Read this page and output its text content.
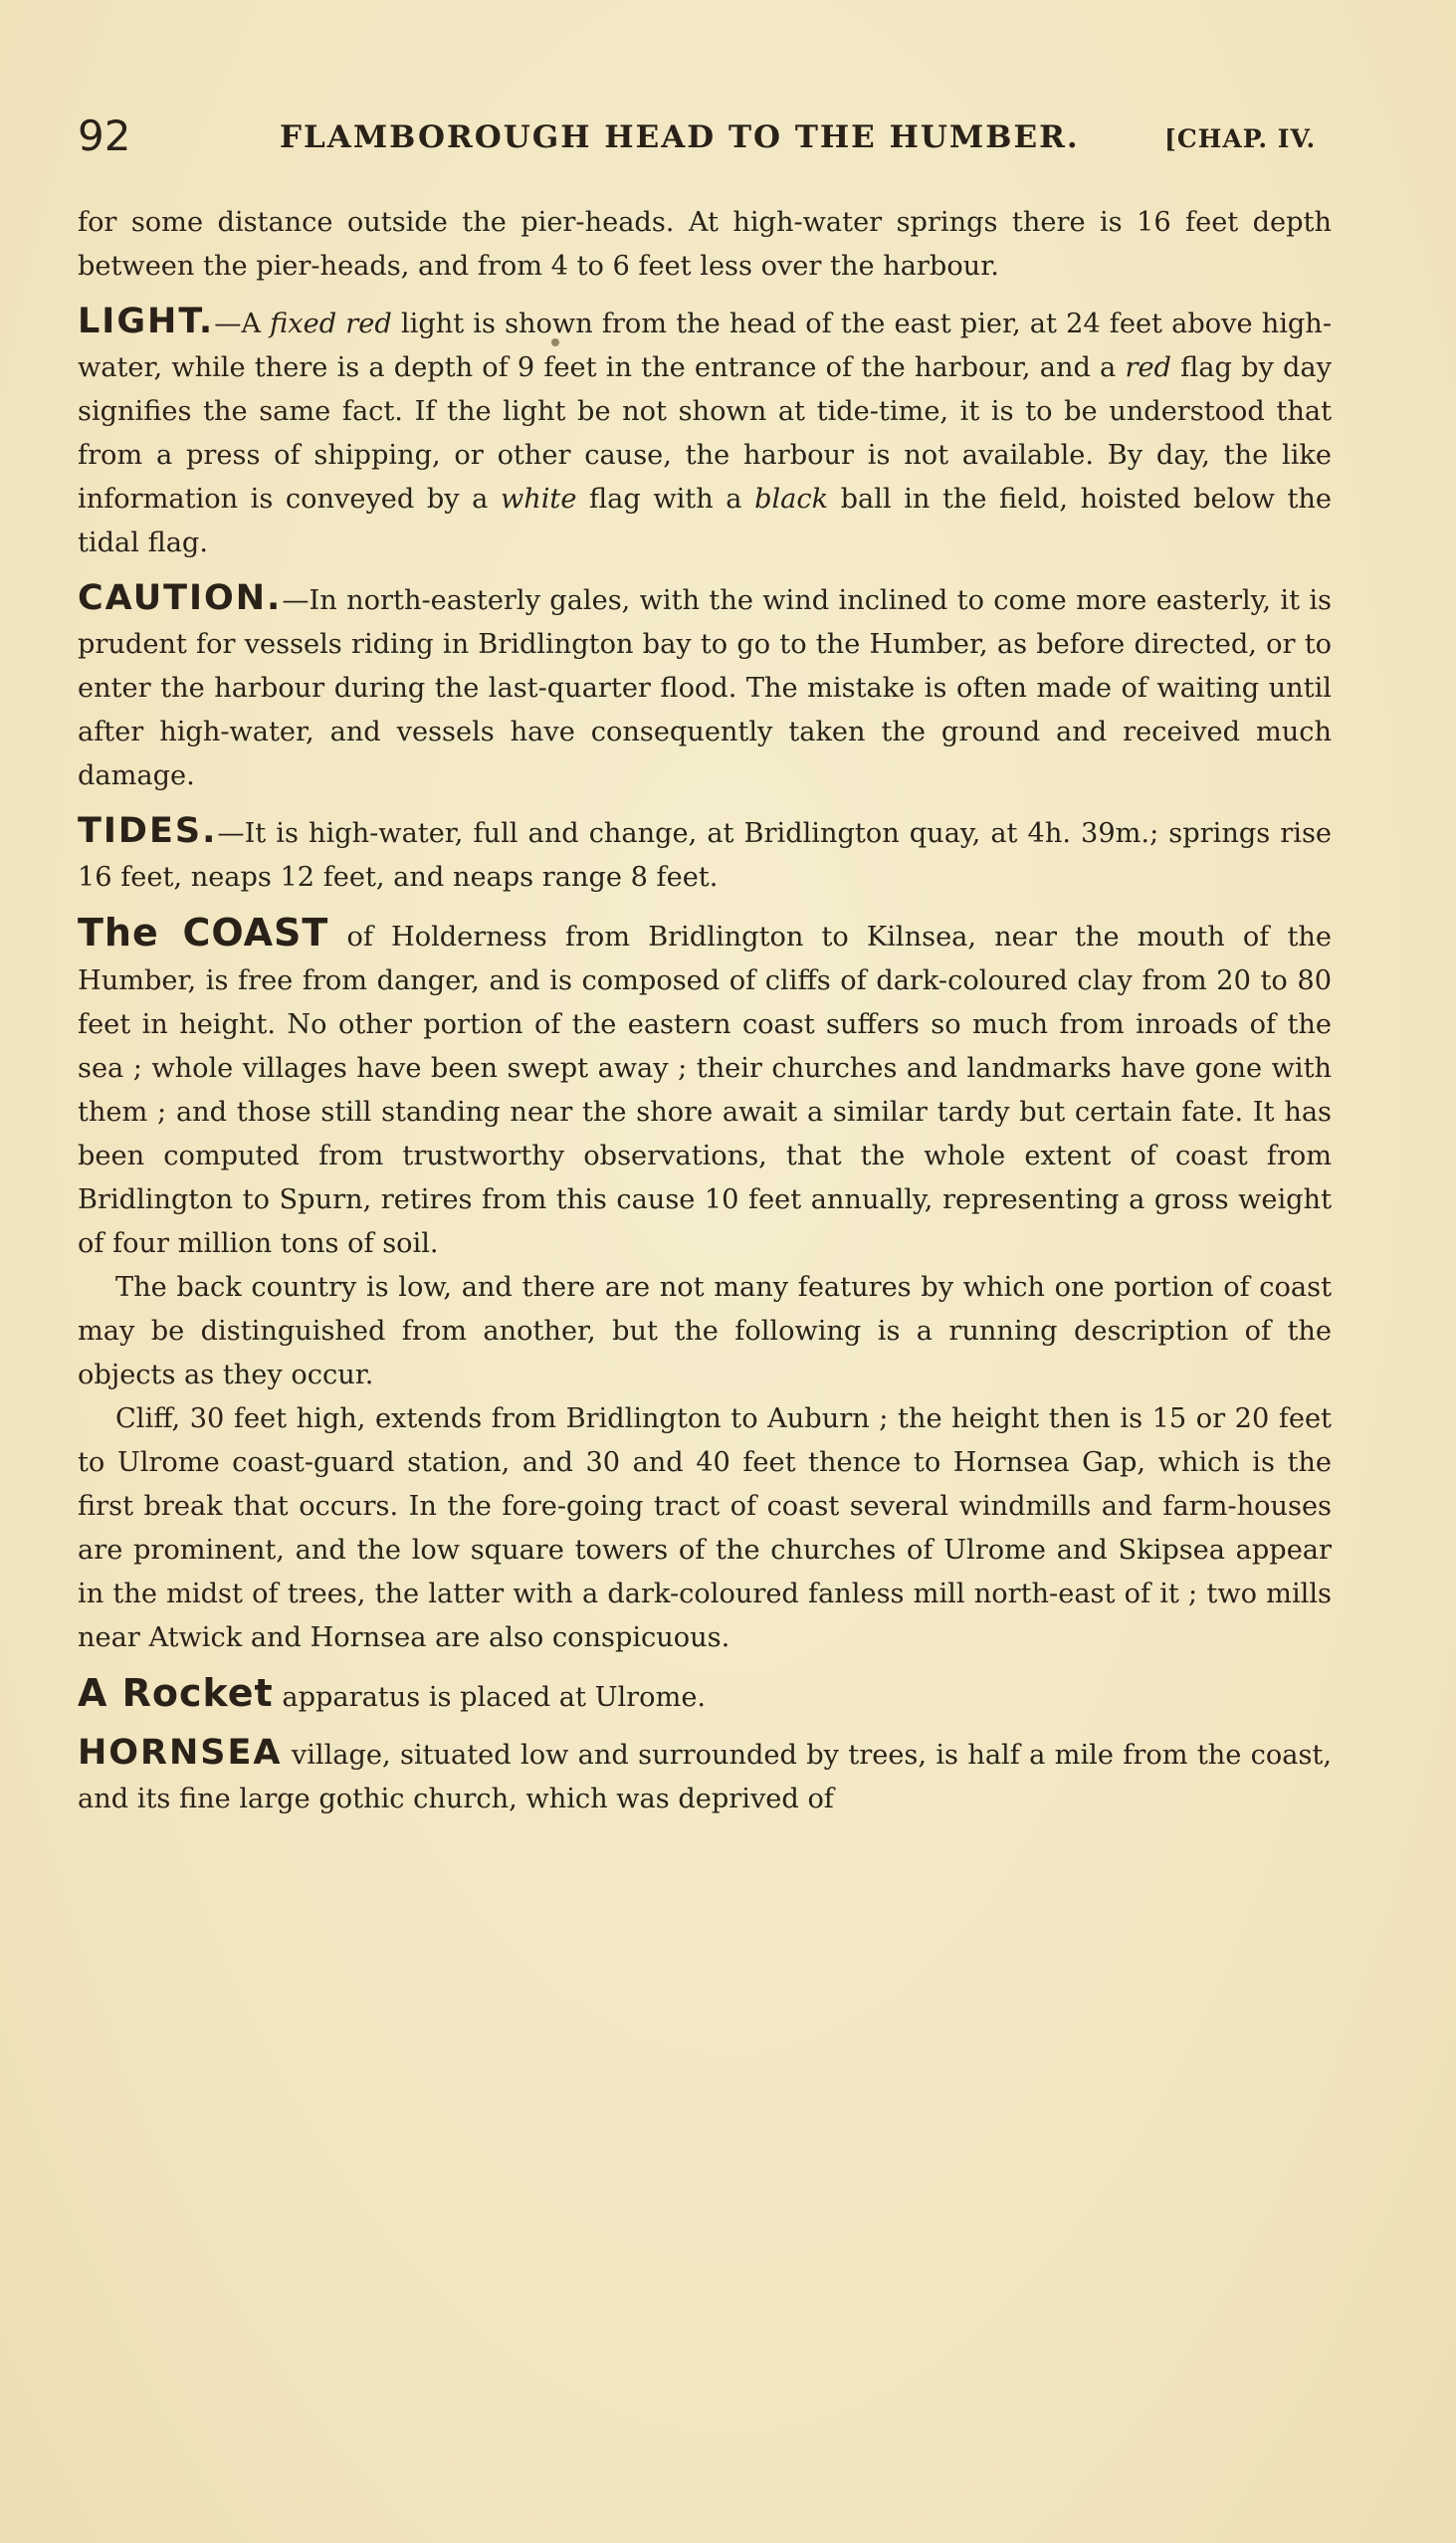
92	FLAMBOROUGH HEAD TO THE HUMBER.	[CHAP. IV.

for some distance outside the pier-heads. At high-water springs there is 16 feet depth between the pier-heads, and from 4 to 6 feet less over the harbour.

LIGHT.—A fixed red light is shown from the head of the east pier, at 24 feet above high-water, while there is a depth of 9 feet in the entrance of the harbour, and a red flag by day signifies the same fact. If the light be not shown at tide-time, it is to be understood that from a press of shipping, or other cause, the harbour is not available. By day, the like information is conveyed by a white flag with a black ball in the field, hoisted below the tidal flag.

CAUTION.—In north-easterly gales, with the wind inclined to come more easterly, it is prudent for vessels riding in Bridlington bay to go to the Humber, as before directed, or to enter the harbour during the last-quarter flood. The mistake is often made of waiting until after high-water, and vessels have consequently taken the ground and received much damage.

TIDES.—It is high-water, full and change, at Bridlington quay, at 4h. 39m.; springs rise 16 feet, neaps 12 feet, and neaps range 8 feet.

The COAST of Holderness from Bridlington to Kilnsea, near the mouth of the Humber, is free from danger, and is composed of cliffs of dark-coloured clay from 20 to 80 feet in height. No other portion of the eastern coast suffers so much from inroads of the sea ; whole villages have been swept away ; their churches and landmarks have gone with them ; and those still standing near the shore await a similar tardy but certain fate. It has been computed from trustworthy observations, that the whole extent of coast from Bridlington to Spurn, retires from this cause 10 feet annually, representing a gross weight of four million tons of soil.

The back country is low, and there are not many features by which one portion of coast may be distinguished from another, but the following is a running description of the objects as they occur.

Cliff, 30 feet high, extends from Bridlington to Auburn ; the height then is 15 or 20 feet to Ulrome coast-guard station, and 30 and 40 feet thence to Hornsea Gap, which is the first break that occurs. In the fore-going tract of coast several windmills and farm-houses are prominent, and the low square towers of the churches of Ulrome and Skipsea appear in the midst of trees, the latter with a dark-coloured fanless mill north-east of it ; two mills near Atwick and Hornsea are also conspicuous.

A Rocket apparatus is placed at Ulrome.

HORNSEA village, situated low and surrounded by trees, is half a mile from the coast, and its fine large gothic church, which was deprived of
